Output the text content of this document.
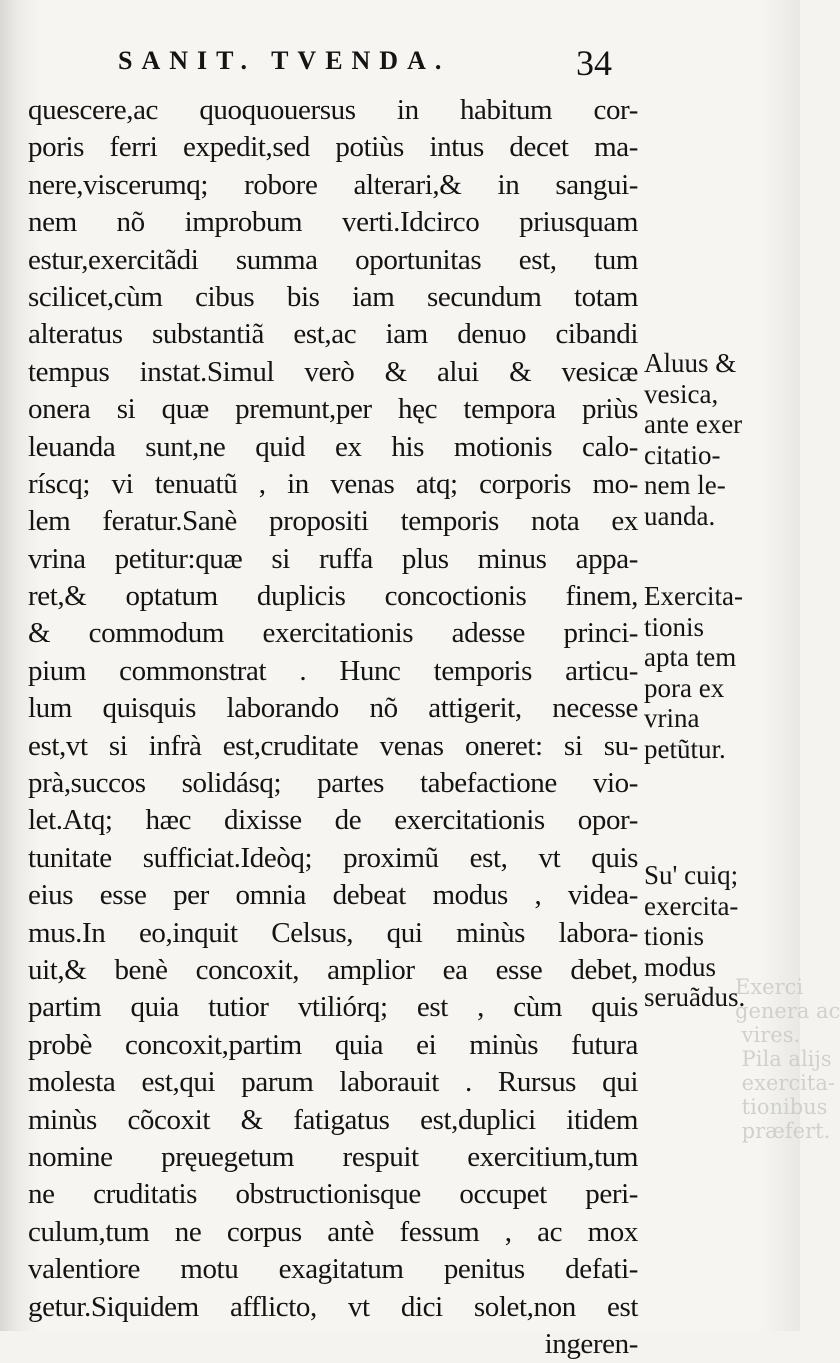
Exerci
genera ac
vires.
Pila alijs
exercita-
tionibus
præfert.
SANIT. TVENDA.	34
quescere,ac quoquouersus in habitum cor-
poris ferri expedit,sed potiùs intus decet ma-
nere,viscerumq; robore alterari,& in sangui-
nem nõ improbum verti.Idcirco priusquam
estur,exercitãdi summa oportunitas est, tum
scilicet,cùm cibus bis iam secundum totam
alteratus substantiã est,ac iam denuo cibandi
tempus instat.Simul verò & alui & vesicæ
onera si quæ premunt,per hęc tempora priùs
leuanda sunt,ne quid ex his motionis calo-
ríscq; vi tenuatũ , in venas atq; corporis mo-
lem feratur.Sanè propositi temporis nota ex
vrina petitur:quæ si ruffa plus minus appa-
ret,& optatum duplicis concoctionis finem,
& commodum exercitationis adesse princi-
pium commonstrat . Hunc temporis articu-
lum quisquis laborando nõ attigerit, necesse
est,vt si infrà est,cruditate venas oneret: si su-
prà,succos solidásq; partes tabefactione vio-
let.Atq; hæc dixisse de exercitationis opor-
tunitate sufficiat.Ideòq; proximũ est, vt quis
eius esse per omnia debeat modus , videa-
mus.In eo,inquit Celsus, qui minùs labora-
uit,& benè concoxit, amplior ea esse debet,
partim quia tutior vtiliórq; est , cùm quis
probè concoxit,partim quia ei minùs futura
molesta est,qui parum laborauit . Rursus qui
minùs cõcoxit & fatigatus est,duplici itidem
nomine pręuegetum respuit exercitium,tum
ne cruditatis obstructionisque occupet peri-
culum,tum ne corpus antè fessum , ac mox
valentiore motu exagitatum penitus defati-
getur.Siquidem afflicto, vt dici solet,non est
ingeren-
Aluus &
vesica,
ante exer
citatio-
nem le-
uanda.
Exercita-
tionis
apta tem
pora ex
vrina
petũtur.
Su' cuiq;
exercita-
tionis
modus
seruãdus.
